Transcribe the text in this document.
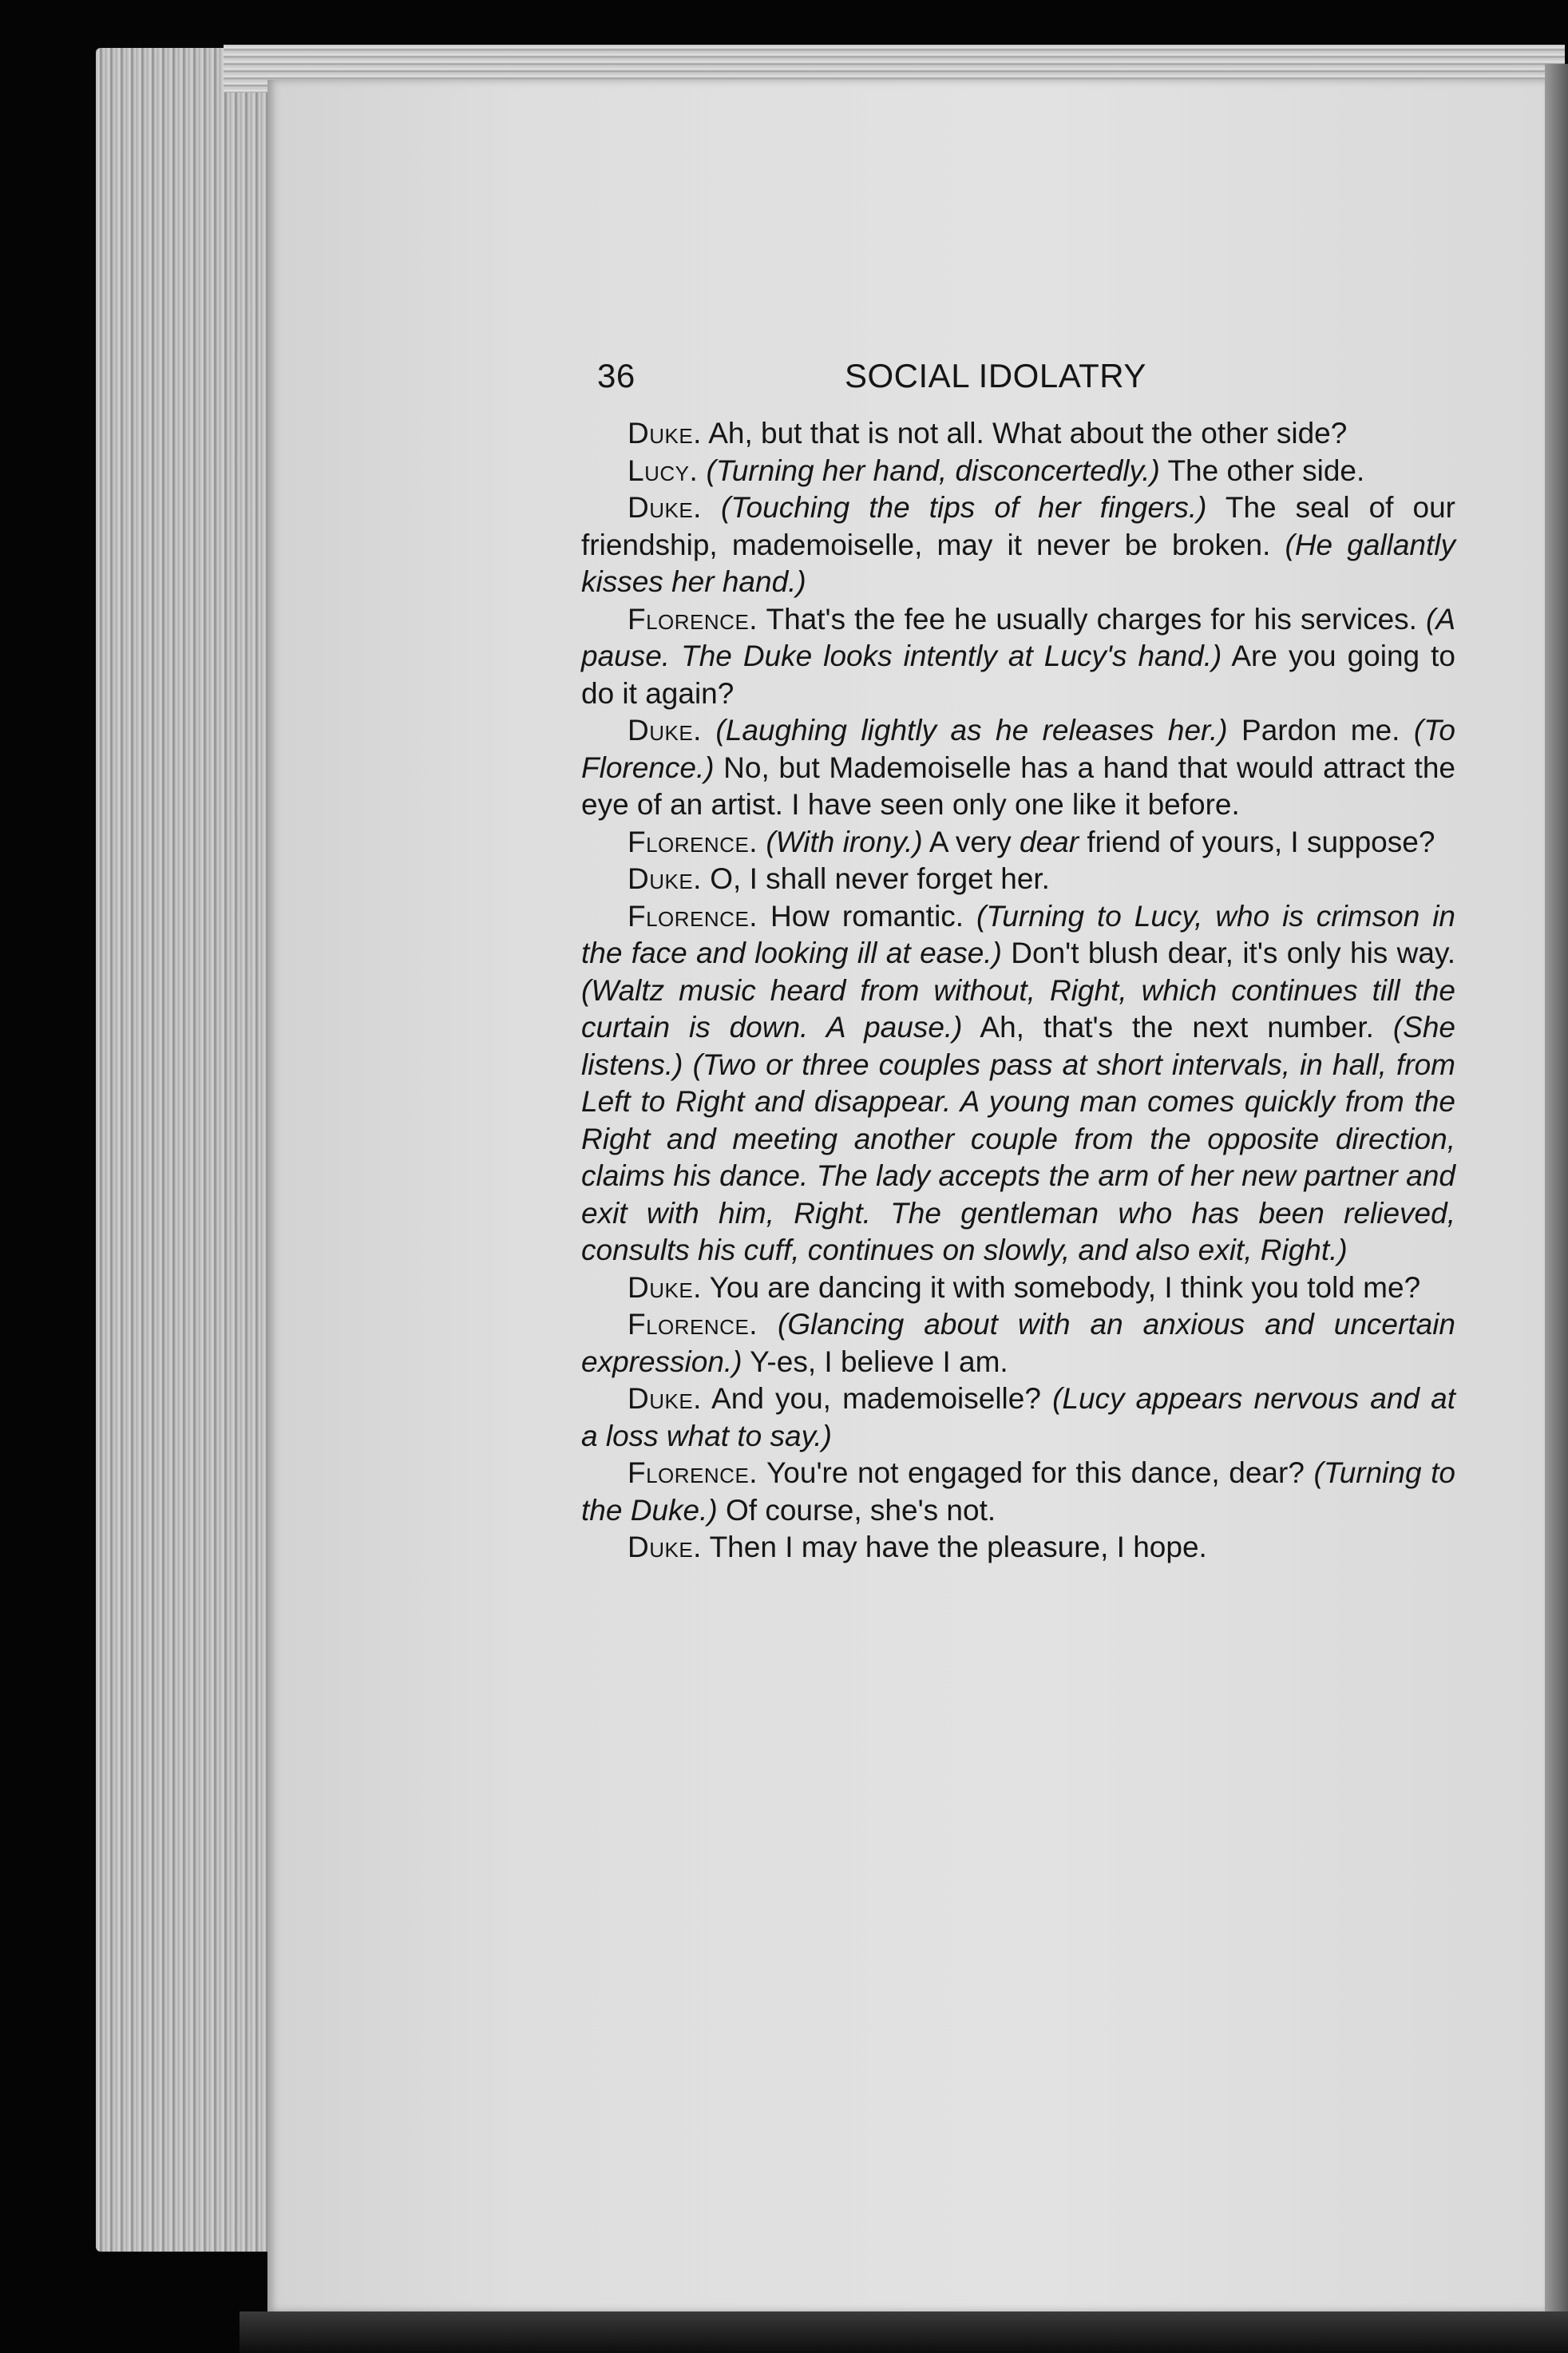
36	SOCIAL IDOLATRY

Duke. Ah, but that is not all. What about the other side?

Lucy. (Turning her hand, disconcertedly.) The other side.

Duke. (Touching the tips of her fingers.) The seal of our friendship, mademoiselle, may it never be broken. (He gallantly kisses her hand.)

Florence. That's the fee he usually charges for his services. (A pause. The Duke looks intently at Lucy's hand.) Are you going to do it again?

Duke. (Laughing lightly as he releases her.) Pardon me. (To Florence.) No, but Mademoiselle has a hand that would attract the eye of an artist. I have seen only one like it before.

Florence. (With irony.) A very dear friend of yours, I suppose?

Duke. O, I shall never forget her.

Florence. How romantic. (Turning to Lucy, who is crimson in the face and looking ill at ease.) Don't blush dear, it's only his way. (Waltz music heard from without, Right, which continues till the curtain is down. A pause.) Ah, that's the next number. (She listens.) (Two or three couples pass at short intervals, in hall, from Left to Right and disappear. A young man comes quickly from the Right and meeting another couple from the opposite direction, claims his dance. The lady accepts the arm of her new partner and exit with him, Right. The gentleman who has been relieved, consults his cuff, continues on slowly, and also exit, Right.)

Duke. You are dancing it with somebody, I think you told me?

Florence. (Glancing about with an anxious and uncertain expression.) Y-es, I believe I am.

Duke. And you, mademoiselle? (Lucy appears nervous and at a loss what to say.)

Florence. You're not engaged for this dance, dear? (Turning to the Duke.) Of course, she's not.

Duke. Then I may have the pleasure, I hope.
